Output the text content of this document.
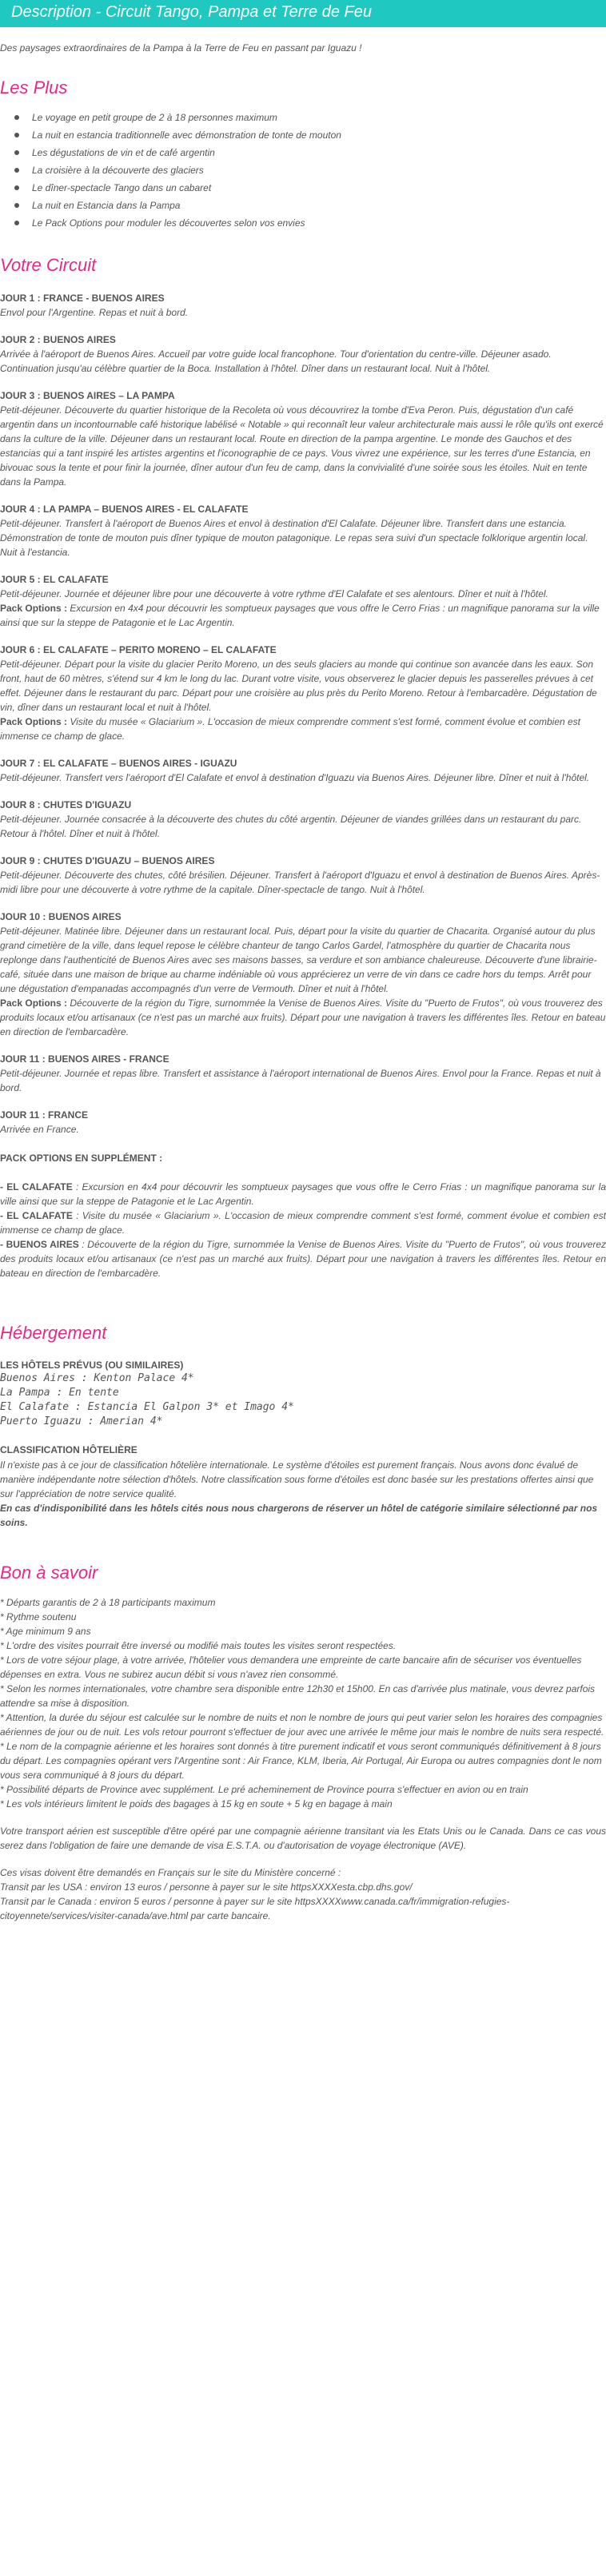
Description - Circuit Tango, Pampa et Terre de Feu

Des paysages extraordinaires de la Pampa à la Terre de Feu en passant par Iguazu !

Les Plus
Le voyage en petit groupe de 2 à 18 personnes maximum
La nuit en estancia traditionnelle avec démonstration de tonte de mouton
Les dégustations de vin et de café argentin
La croisière à la découverte des glaciers
Le dîner-spectacle Tango dans un cabaret
La nuit en Estancia dans la Pampa
Le Pack Options pour moduler les découvertes selon vos envies
Votre Circuit
JOUR 1 : FRANCE - BUENOS AIRES

Envol pour l'Argentine. Repas et nuit à bord.

JOUR 2 : BUENOS AIRES

Arrivée à l'aéroport de Buenos Aires. Accueil par votre guide local francophone. Tour d'orientation du centre-ville. Déjeuner asado. Continuation jusqu'au célèbre quartier de la Boca. Installation à l'hôtel. Dîner dans un restaurant local. Nuit à l'hôtel.

JOUR 3 : BUENOS AIRES – LA PAMPA

Petit-déjeuner. Découverte du quartier historique de la Recoleta où vous découvrirez la tombe d'Eva Peron. Puis, dégustation d'un café argentin dans un incontournable café historique labélisé « Notable » qui reconnaît leur valeur architecturale mais aussi le rôle qu'ils ont exercé dans la culture de la ville. Déjeuner dans un restaurant local. Route en direction de la pampa argentine. Le monde des Gauchos et des estancias qui a tant inspiré les artistes argentins et l'iconographie de ce pays. Vous vivrez une expérience, sur les terres d'une Estancia, en bivouac sous la tente et pour finir la journée, dîner autour d'un feu de camp, dans la convivialité d'une soirée sous les étoiles. Nuit en tente dans la Pampa.

JOUR 4 : LA PAMPA – BUENOS AIRES - EL CALAFATE

Petit-déjeuner. Transfert à l'aéroport de Buenos Aires et envol à destination d'El Calafate. Déjeuner libre. Transfert dans une estancia. Démonstration de tonte de mouton puis dîner typique de mouton patagonique. Le repas sera suivi d'un spectacle folklorique argentin local. Nuit à l'estancia.

JOUR 5 : EL CALAFATE

Petit-déjeuner. Journée et déjeuner libre pour une découverte à votre rythme d'El Calafate et ses alentours. Dîner et nuit à l'hôtel.

Pack Options : Excursion en 4x4 pour découvrir les somptueux paysages que vous offre le Cerro Frias : un magnifique panorama sur la ville ainsi que sur la steppe de Patagonie et le Lac Argentin.

JOUR 6 : EL CALAFATE – PERITO MORENO – EL CALAFATE

Petit-déjeuner. Départ pour la visite du glacier Perito Moreno, un des seuls glaciers au monde qui continue son avancée dans les eaux. Son front, haut de 60 mètres, s'étend sur 4 km le long du lac. Durant votre visite, vous observerez le glacier depuis les passerelles prévues à cet effet. Déjeuner dans le restaurant du parc. Départ pour une croisière au plus près du Perito Moreno. Retour à l'embarcadère. Dégustation de vin, dîner dans un restaurant local et nuit à l'hôtel.

Pack Options : Visite du musée « Glaciarium ». L'occasion de mieux comprendre comment s'est formé, comment évolue et combien est immense ce champ de glace.

JOUR 7 : EL CALAFATE – BUENOS AIRES - IGUAZU

Petit-déjeuner. Transfert vers l'aéroport d'El Calafate et envol à destination d'Iguazu via Buenos Aires. Déjeuner libre. Dîner et nuit à l'hôtel.

JOUR 8 : CHUTES D'IGUAZU

Petit-déjeuner. Journée consacrée à la découverte des chutes du côté argentin. Déjeuner de viandes grillées dans un restaurant du parc. Retour à l'hôtel. Dîner et nuit à l'hôtel.

JOUR 9 : CHUTES D'IGUAZU – BUENOS AIRES

Petit-déjeuner. Découverte des chutes, côté brésilien. Déjeuner. Transfert à l'aéroport d'Iguazu et envol à destination de Buenos Aires. Après-midi libre pour une découverte à votre rythme de la capitale. Dîner-spectacle de tango. Nuit à l'hôtel.

JOUR 10 : BUENOS AIRES

Petit-déjeuner. Matinée libre. Déjeuner dans un restaurant local. Puis, départ pour la visite du quartier de Chacarita. Organisé autour du plus grand cimetière de la ville, dans lequel repose le célèbre chanteur de tango Carlos Gardel, l'atmosphère du quartier de Chacarita nous replonge dans l'authenticité de Buenos Aires avec ses maisons basses, sa verdure et son ambiance chaleureuse. Découverte d'une librairie-café, située dans une maison de brique au charme indéniable où vous apprécierez un verre de vin dans ce cadre hors du temps. Arrêt pour une dégustation d'empanadas accompagnés d'un verre de Vermouth. Dîner et nuit à l'hôtel.

Pack Options : Découverte de la région du Tigre, surnommée la Venise de Buenos Aires. Visite du "Puerto de Frutos", où vous trouverez des produits locaux et/ou artisanaux (ce n'est pas un marché aux fruits). Départ pour une navigation à travers les différentes îles. Retour en bateau en direction de l'embarcadère.

JOUR 11 : BUENOS AIRES - FRANCE

Petit-déjeuner. Journée et repas libre. Transfert et assistance à l'aéroport international de Buenos Aires. Envol pour la France. Repas et nuit à bord.

JOUR 11 : FRANCE

Arrivée en France.

PACK OPTIONS EN SUPPLÉMENT :
- EL CALAFATE : Excursion en 4x4 pour découvrir les somptueux paysages que vous offre le Cerro Frias : un magnifique panorama sur la ville ainsi que sur la steppe de Patagonie et le Lac Argentin.
- EL CALAFATE : Visite du musée « Glaciarium ». L'occasion de mieux comprendre comment s'est formé, comment évolue et combien est immense ce champ de glace.
- BUENOS AIRES : Découverte de la région du Tigre, surnommée la Venise de Buenos Aires. Visite du "Puerto de Frutos", où vous trouverez des produits locaux et/ou artisanaux (ce n'est pas un marché aux fruits). Départ pour une navigation à travers les différentes îles. Retour en bateau en direction de l'embarcadère.
Hébergement
LES HÔTELS PRÉVUS (OU SIMILAIRES)
Buenos Aires : Kenton Palace 4*
La Pampa : En tente
El Calafate : Estancia El Galpon 3* et Imago 4*
Puerto Iguazu : Amerian 4*
CLASSIFICATION HÔTELIÈRE

Il n'existe pas à ce jour de classification hôtelière internationale. Le système d'étoiles est purement français. Nous avons donc évalué de manière indépendante notre sélection d'hôtels. Notre classification sous forme d'étoiles est donc basée sur les prestations offertes ainsi que sur l'appréciation de notre service qualité.

En cas d'indisponibilité dans les hôtels cités nous nous chargerons de réserver un hôtel de catégorie similaire sélectionné par nos soins.

Bon à savoir

* Départs garantis de 2 à 18 participants maximum

* Rythme soutenu

* Age minimum 9 ans

* L'ordre des visites pourrait être inversé ou modifié mais toutes les visites seront respectées.

* Lors de votre séjour plage, à votre arrivée, l'hôtelier vous demandera une empreinte de carte bancaire afin de sécuriser vos éventuelles dépenses en extra. Vous ne subirez aucun débit si vous n'avez rien consommé.

* Selon les normes internationales, votre chambre sera disponible entre 12h30 et 15h00. En cas d'arrivée plus matinale, vous devrez parfois attendre sa mise à disposition.

* Attention, la durée du séjour est calculée sur le nombre de nuits et non le nombre de jours qui peut varier selon les horaires des compagnies aériennes de jour ou de nuit. Les vols retour pourront s'effectuer de jour avec une arrivée le même jour mais le nombre de nuits sera respecté.

* Le nom de la compagnie aérienne et les horaires sont donnés à titre purement indicatif et vous seront communiqués définitivement à 8 jours du départ. Les compagnies opérant vers l'Argentine sont : Air France, KLM, Iberia, Air Portugal, Air Europa ou autres compagnies dont le nom vous sera communiqué à 8 jours du départ.

* Possibilité départs de Province avec supplément. Le pré acheminement de Province pourra s'effectuer en avion ou en train

* Les vols intérieurs limitent le poids des bagages à 15 kg en soute + 5 kg en bagage à main

Votre transport aérien est susceptible d'être opéré par une compagnie aérienne transitant via les Etats Unis ou le Canada. Dans ce cas vous serez dans l'obligation de faire une demande de visa E.S.T.A. ou d'autorisation de voyage électronique (AVE).

Ces visas doivent être demandés en Français sur le site du Ministère concerné :

Transit par les USA : environ 13 euros / personne à payer sur le site httpsXXXXesta.cbp.dhs.gov/

Transit par le Canada : environ 5 euros / personne à payer sur le site httpsXXXXwww.canada.ca/fr/immigration-refugies-citoyennete/services/visiter-canada/ave.html par carte bancaire.
